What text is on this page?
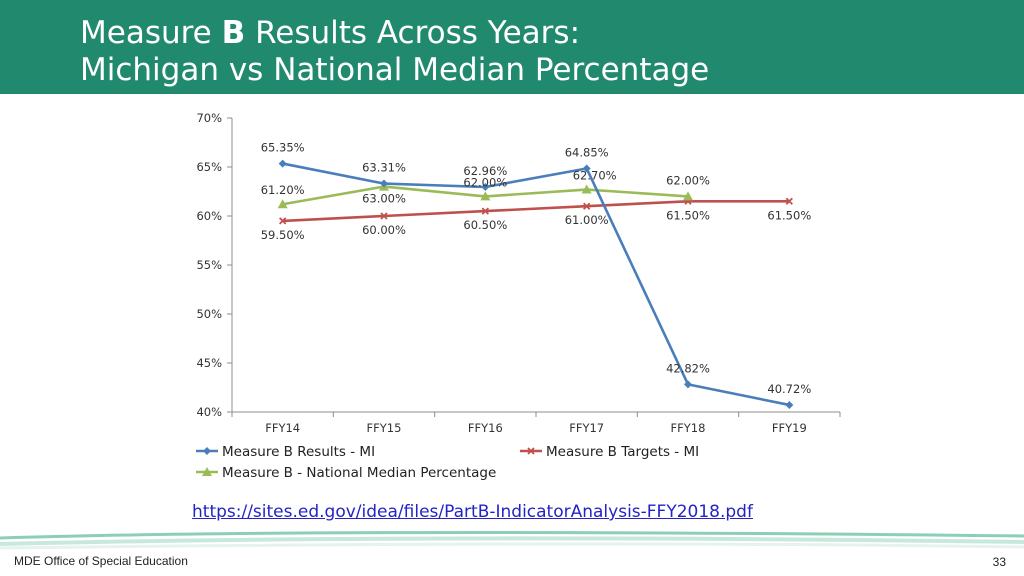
Measure B Results Across Years:
Michigan vs National Median Percentage
40%
45%
50%
55%
60%
65%
70%
FFY14	FFY15	FFY16	FFY17	FFY18	FFY19
65.35%
63.31%	62.96%
64.85%
42.82%
40.72%
59.50%	60.00%	60.50%	61.00%	61.50%	61.50%
61.20%
63.00%
62.00%	62.70%	62.00%
Measure B Results - MI	Measure B Targets - MI
Measure B - National Median Percentage
https://sites.ed.gov/idea/files/PartB-IndicatorAnalysis-FFY2018.pdf
MDE Office of Special Education	33
